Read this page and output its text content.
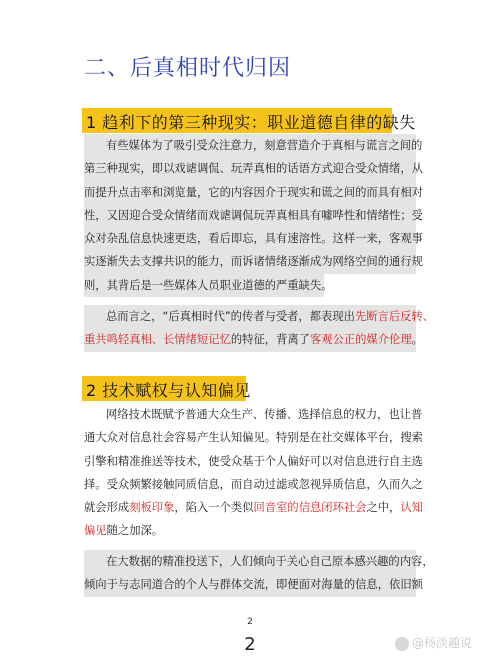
二、后真相时代归因
1 趋利下的第三种现实：职业道德自律的缺失
有些媒体为了吸引受众注意力，刻意营造介于真相与谎言之间的
第三种现实，即以戏谑调侃、玩弄真相的话语方式迎合受众情绪，从
而提升点击率和浏览量，它的内容因介于现实和谎之间的而具有相对
性，又因迎合受众情绪而戏谑调侃玩弄真相具有噱哗性和情绪性；受
众对杂乱信息快速更迭，看后即忘，具有速溶性。这样一来，客观事
实逐渐失去支撑共识的能力，而诉诸情绪逐渐成为网络空间的通行规
则，其背后是一些媒体人员职业道德的严重缺失。
总而言之，“后真相时代”的传者与受者，都表现出先断言后反转、
重共鸣轻真相、长情绪短记忆的特征，背离了客观公正的媒介伦理。
2 技术赋权与认知偏见
网络技术既赋予普通大众生产、传播、选择信息的权力，也让普
通大众对信息社会容易产生认知偏见。特别是在社交媒体平台，搜索
引擎和精准推送等技术，使受众基于个人偏好可以对信息进行自主选
择。受众频繁接触同质信息，而自动过滤或忽视异质信息，久而久之
就会形成刻板印象，陷入一个类似回音室的信息闭环社会之中，认知
偏见随之加深。
在大数据的精准投送下，人们倾向于关心自己原本感兴趣的内容，
倾向于与志同道合的个人与群体交流，即便面对海量的信息，依旧额
2
2	@杨淡趣说
